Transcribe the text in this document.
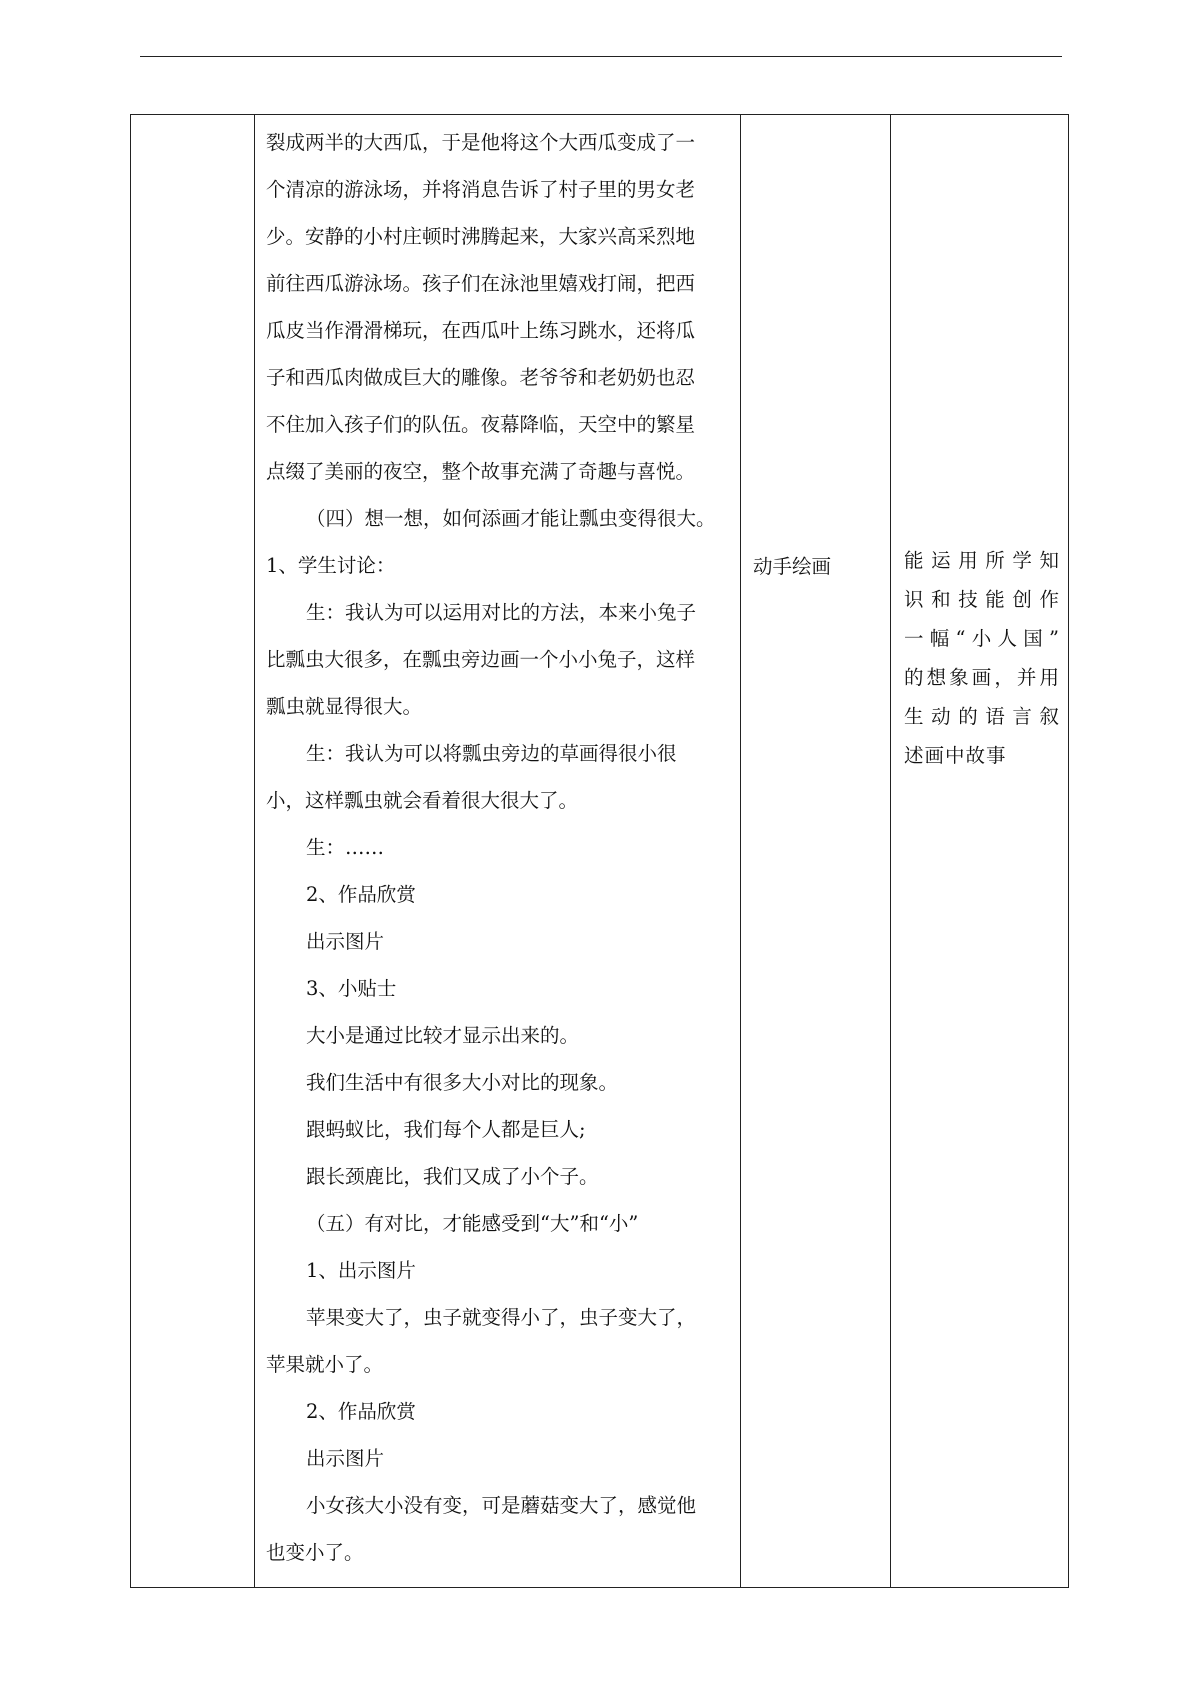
裂成两半的大西瓜，于是他将这个大西瓜变成了一

个清凉的游泳场，并将消息告诉了村子里的男女老

少。安静的小村庄顿时沸腾起来，大家兴高采烈地

前往西瓜游泳场。孩子们在泳池里嬉戏打闹，把西

瓜皮当作滑滑梯玩，在西瓜叶上练习跳水，还将瓜

子和西瓜肉做成巨大的雕像。老爷爷和老奶奶也忍

不住加入孩子们的队伍。夜幕降临，天空中的繁星

点缀了美丽的夜空，整个故事充满了奇趣与喜悦。

（四）想一想，如何添画才能让瓢虫变得很大。

1、学生讨论：

生：我认为可以运用对比的方法，本来小兔子

比瓢虫大很多，在瓢虫旁边画一个小小兔子，这样

瓢虫就显得很大。

生：我认为可以将瓢虫旁边的草画得很小很

小，这样瓢虫就会看着很大很大了。

生：……

2、作品欣赏

出示图片

3、小贴士

大小是通过比较才显示出来的。

我们生活中有很多大小对比的现象。

跟蚂蚁比，我们每个人都是巨人;

跟长颈鹿比，我们又成了小个子。

（五）有对比，才能感受到“大”和“小”

1、出示图片

苹果变大了，虫子就变得小了，虫子变大了，

苹果就小了。

2、作品欣赏

出示图片

小女孩大小没有变，可是蘑菇变大了，感觉他

也变小了。

动手绘画	能运用所学知
识和技能创作
一幅“小人国”
的想象画，并用
生动的语言叙
述画中故事
